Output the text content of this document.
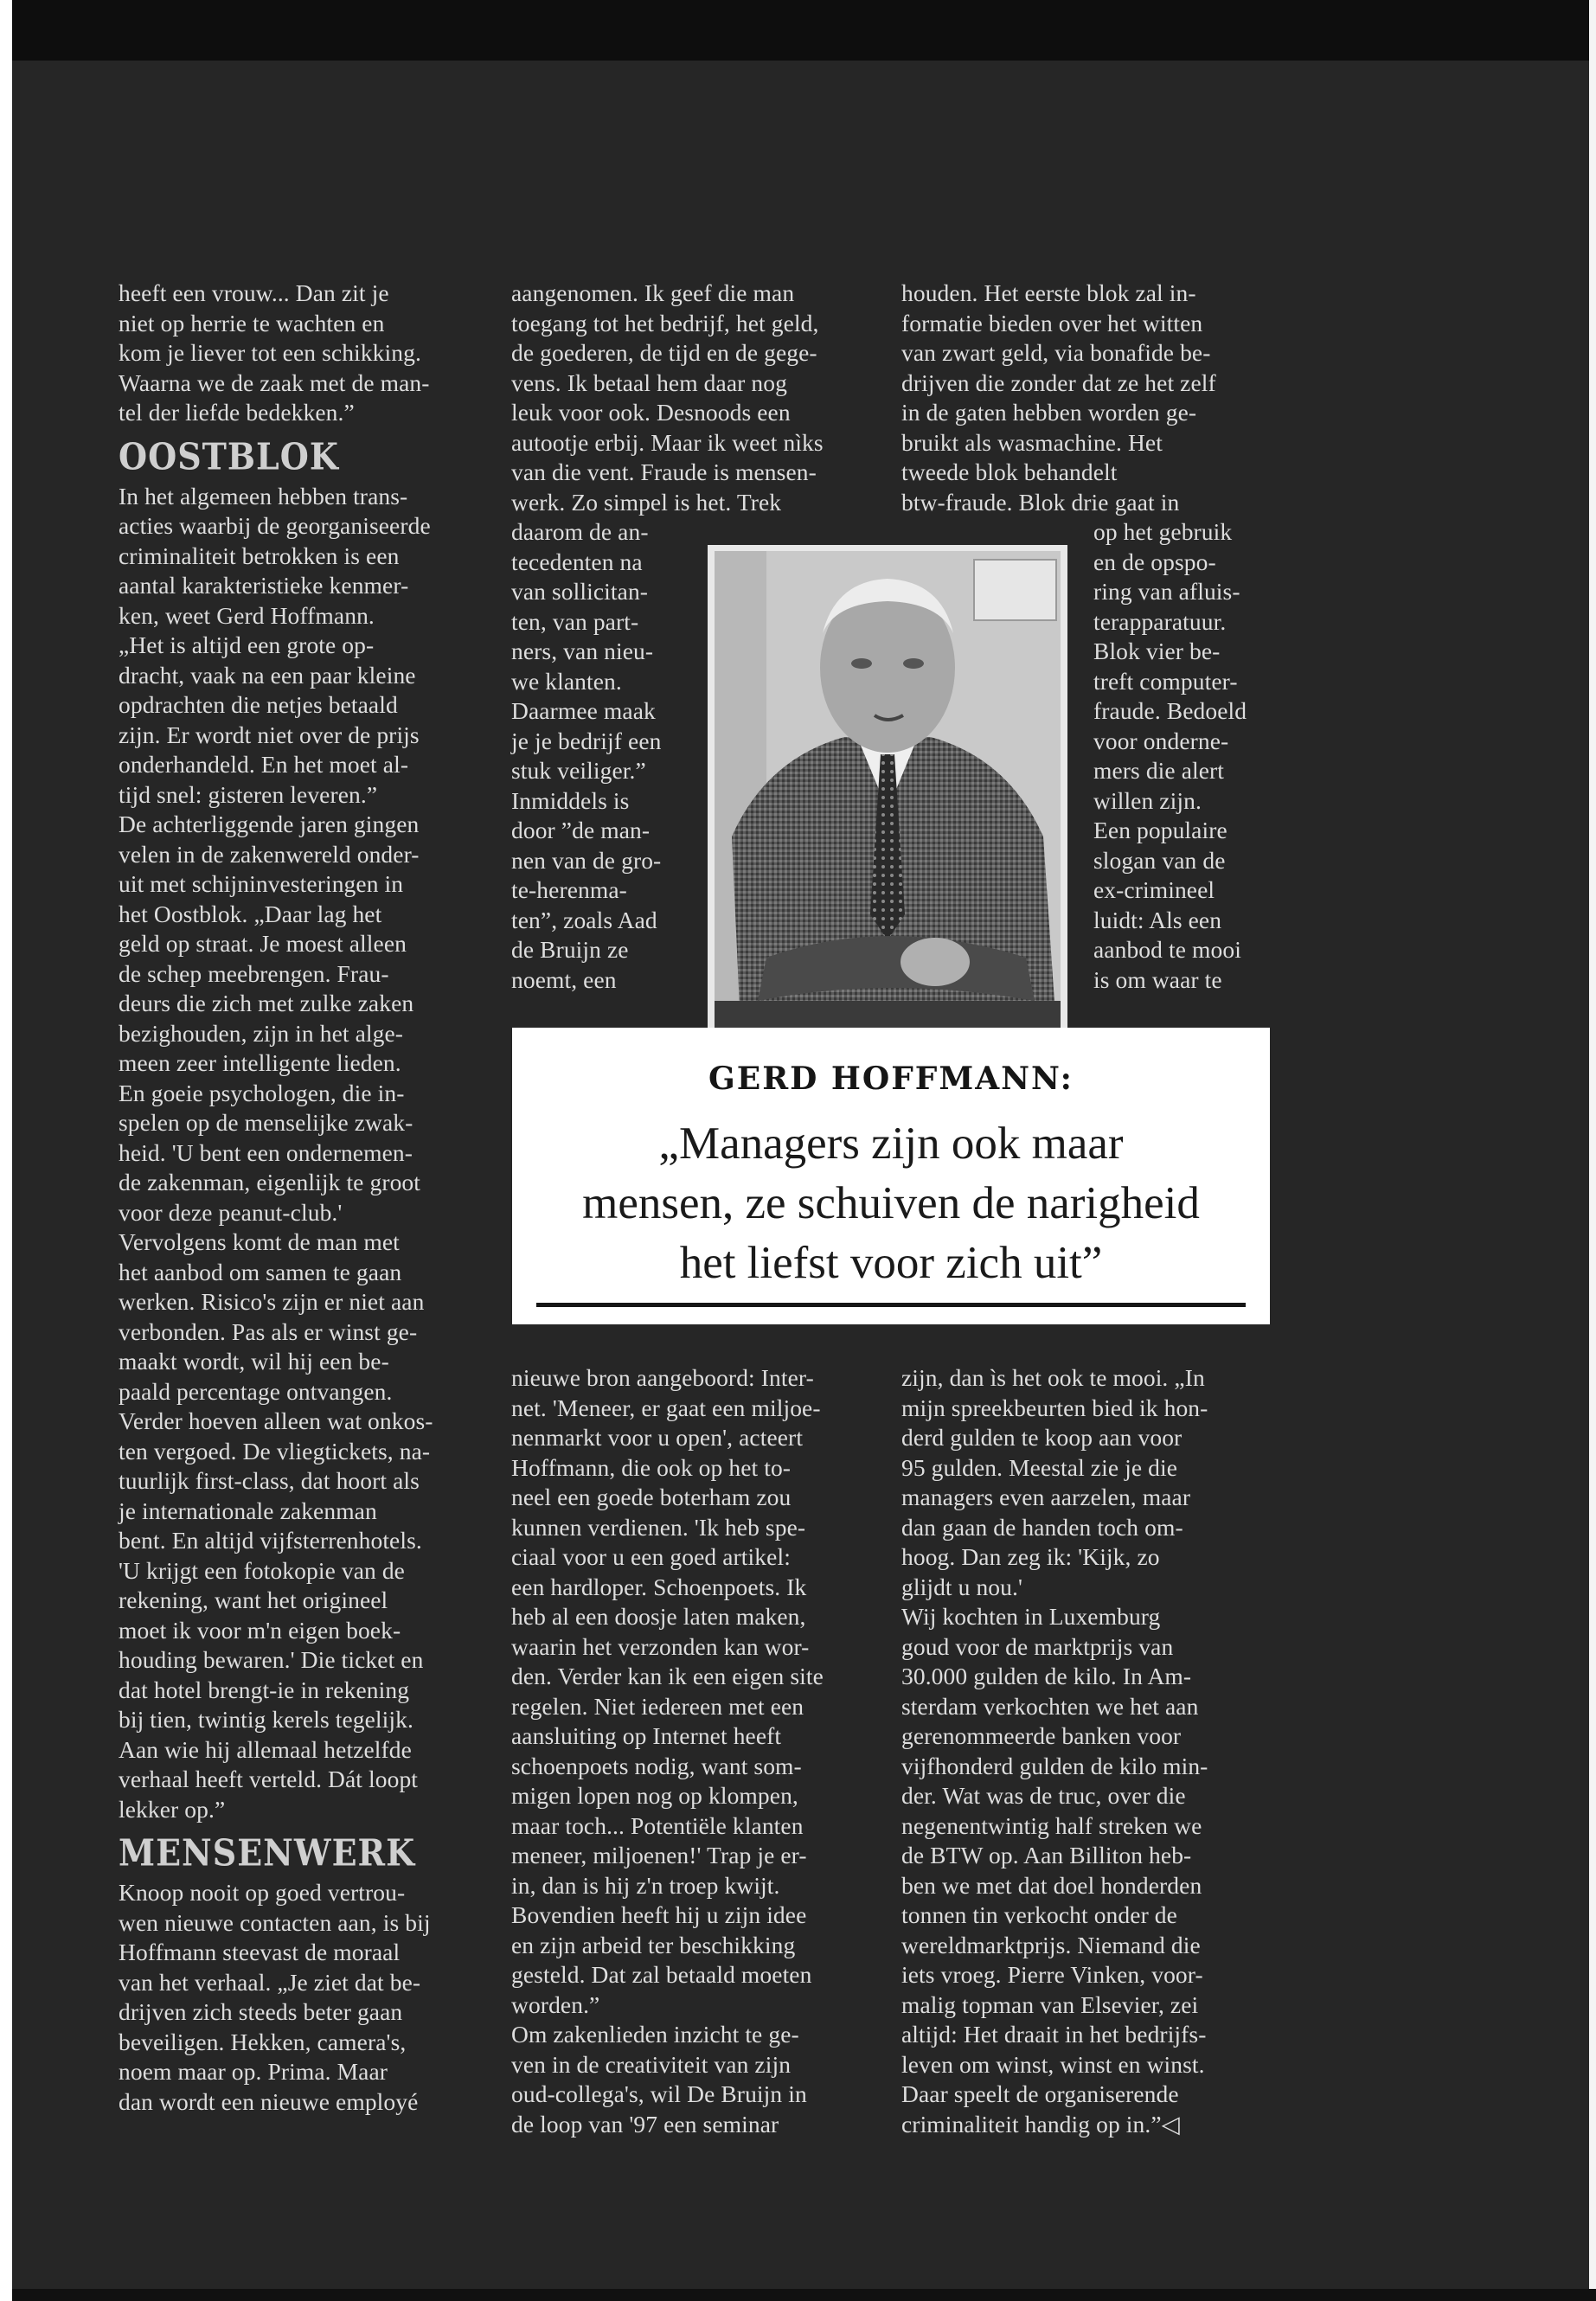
heeft een vrouw... Dan zit je

niet op herrie te wachten en

kom je liever tot een schikking.

Waarna we de zaak met de man-

tel der liefde bedekken.”

OOSTBLOK

In het algemeen hebben trans-

acties waarbij de georganiseerde

criminaliteit betrokken is een

aantal karakteristieke kenmer-

ken, weet Gerd Hoffmann.

„Het is altijd een grote op-

dracht, vaak na een paar kleine

opdrachten die netjes betaald

zijn. Er wordt niet over de prijs

onderhandeld. En het moet al-

tijd snel: gisteren leveren.”

De achterliggende jaren gingen

velen in de zakenwereld onder-

uit met schijninvesteringen in

het Oostblok. „Daar lag het

geld op straat. Je moest alleen

de schep meebrengen. Frau-

deurs die zich met zulke zaken

bezighouden, zijn in het alge-

meen zeer intelligente lieden.

En goeie psychologen, die in-

spelen op de menselijke zwak-

heid. 'U bent een ondernemen-

de zakenman, eigenlijk te groot

voor deze peanut-club.'

Vervolgens komt de man met

het aanbod om samen te gaan

werken. Risico's zijn er niet aan

verbonden. Pas als er winst ge-

maakt wordt, wil hij een be-

paald percentage ontvangen.

Verder hoeven alleen wat onkos-

ten vergoed. De vliegtickets, na-

tuurlijk first-class, dat hoort als

je internationale zakenman

bent. En altijd vijfsterrenhotels.

'U krijgt een fotokopie van de

rekening, want het origineel

moet ik voor m'n eigen boek-

houding bewaren.' Die ticket en

dat hotel brengt-ie in rekening

bij tien, twintig kerels tegelijk.

Aan wie hij allemaal hetzelfde

verhaal heeft verteld. Dát loopt

lekker op.”

MENSENWERK

Knoop nooit op goed vertrou-

wen nieuwe contacten aan, is bij

Hoffmann steevast de moraal

van het verhaal. „Je ziet dat be-

drijven zich steeds beter gaan

beveiligen. Hekken, camera's,

noem maar op. Prima. Maar

dan wordt een nieuwe employé

aangenomen. Ik geef die man

toegang tot het bedrijf, het geld,

de goederen, de tijd en de gege-

vens. Ik betaal hem daar nog

leuk voor ook. Desnoods een

autootje erbij. Maar ik weet nìks

van die vent. Fraude is mensen-

werk. Zo simpel is het. Trek

daarom de an-

tecedenten na

van sollicitan-

ten, van part-

ners, van nieu-

we klanten.

Daarmee maak

je je bedrijf een

stuk veiliger.”

Inmiddels is

door ”de man-

nen van de gro-

te-herenma-

ten”, zoals Aad

de Bruijn ze

noemt, een

houden. Het eerste blok zal in-

formatie bieden over het witten

van zwart geld, via bonafide be-

drijven die zonder dat ze het zelf

in de gaten hebben worden ge-

bruikt als wasmachine. Het

tweede blok behandelt

btw-fraude. Blok drie gaat in

op het gebruik

en de opspo-

ring van afluis-

terapparatuur.

Blok vier be-

treft computer-

fraude. Bedoeld

voor onderne-

mers die alert

willen zijn.

Een populaire

slogan van de

ex-crimineel

luidt: Als een

aanbod te mooi

is om waar te

GERD HOFFMANN:
„Managers zijn ook maar
mensen, ze schuiven de narigheid
het liefst voor zich uit”

nieuwe bron aangeboord: Inter-

net. 'Meneer, er gaat een miljoe-

nenmarkt voor u open', acteert

Hoffmann, die ook op het to-

neel een goede boterham zou

kunnen verdienen. 'Ik heb spe-

ciaal voor u een goed artikel:

een hardloper. Schoenpoets. Ik

heb al een doosje laten maken,

waarin het verzonden kan wor-

den. Verder kan ik een eigen site

regelen. Niet iedereen met een

aansluiting op Internet heeft

schoenpoets nodig, want som-

migen lopen nog op klompen,

maar toch... Potentiële klanten

meneer, miljoenen!' Trap je er-

in, dan is hij z'n troep kwijt.

Bovendien heeft hij u zijn idee

en zijn arbeid ter beschikking

gesteld. Dat zal betaald moeten

worden.”

Om zakenlieden inzicht te ge-

ven in de creativiteit van zijn

oud-collega's, wil De Bruijn in

de loop van '97 een seminar

zijn, dan ìs het ook te mooi. „In

mijn spreekbeurten bied ik hon-

derd gulden te koop aan voor

95 gulden. Meestal zie je die

managers even aarzelen, maar

dan gaan de handen toch om-

hoog. Dan zeg ik: 'Kijk, zo

glijdt u nou.'

Wij kochten in Luxemburg

goud voor de marktprijs van

30.000 gulden de kilo. In Am-

sterdam verkochten we het aan

gerenommeerde banken voor

vijfhonderd gulden de kilo min-

der. Wat was de truc, over die

negenentwintig half streken we

de BTW op. Aan Billiton heb-

ben we met dat doel honderden

tonnen tin verkocht onder de

wereldmarktprijs. Niemand die

iets vroeg. Pierre Vinken, voor-

malig topman van Elsevier, zei

altijd: Het draait in het bedrijfs-

leven om winst, winst en winst.

Daar speelt de organiserende

criminaliteit handig op in.”◁
